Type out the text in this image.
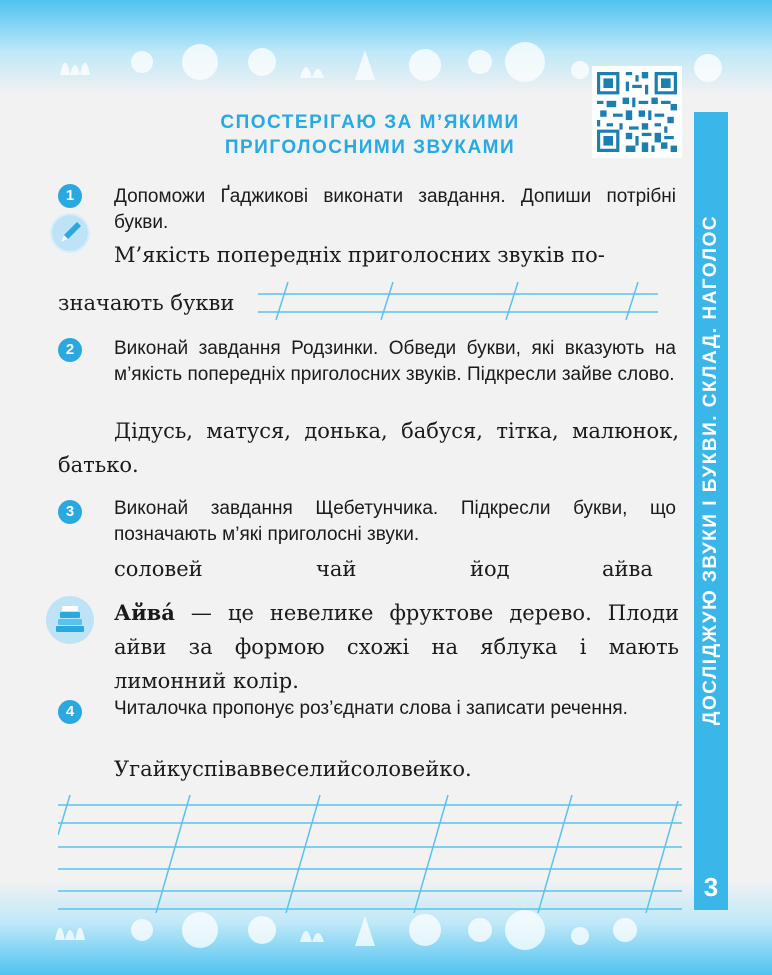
ДОСЛІДЖУЮ ЗВУКИ І БУКВИ. СКЛАД. НАГОЛОС
3
СПОСТЕРІГАЮ ЗА М’ЯКИМИ
ПРИГОЛОСНИМИ ЗВУКАМИ
1	Допоможи Ґаджикові виконати завдання. Допиши потрібні букви.
М’якість попередніх приголосних звуків по-
значають букви
2	Виконай завдання Родзинки. Обведи букви, які вказують на м’якість попередніх приголосних звуків. Підкресли зайве слово.
Дідусь, матуся, донька, бабуся, тітка, малюнок, батько.
3	Виконай завдання Щебетунчика. Підкресли букви, що позначають м’які приголосні звуки.
соловей	чай	йод	айва
Айва́ — це невелике фруктове дерево. Плоди айви за формою схожі на яблука і мають лимонний колір.
4	Читалочка пропонує роз’єднати слова і записати речення.
Угайкуспіваввеселийсоловейко.
